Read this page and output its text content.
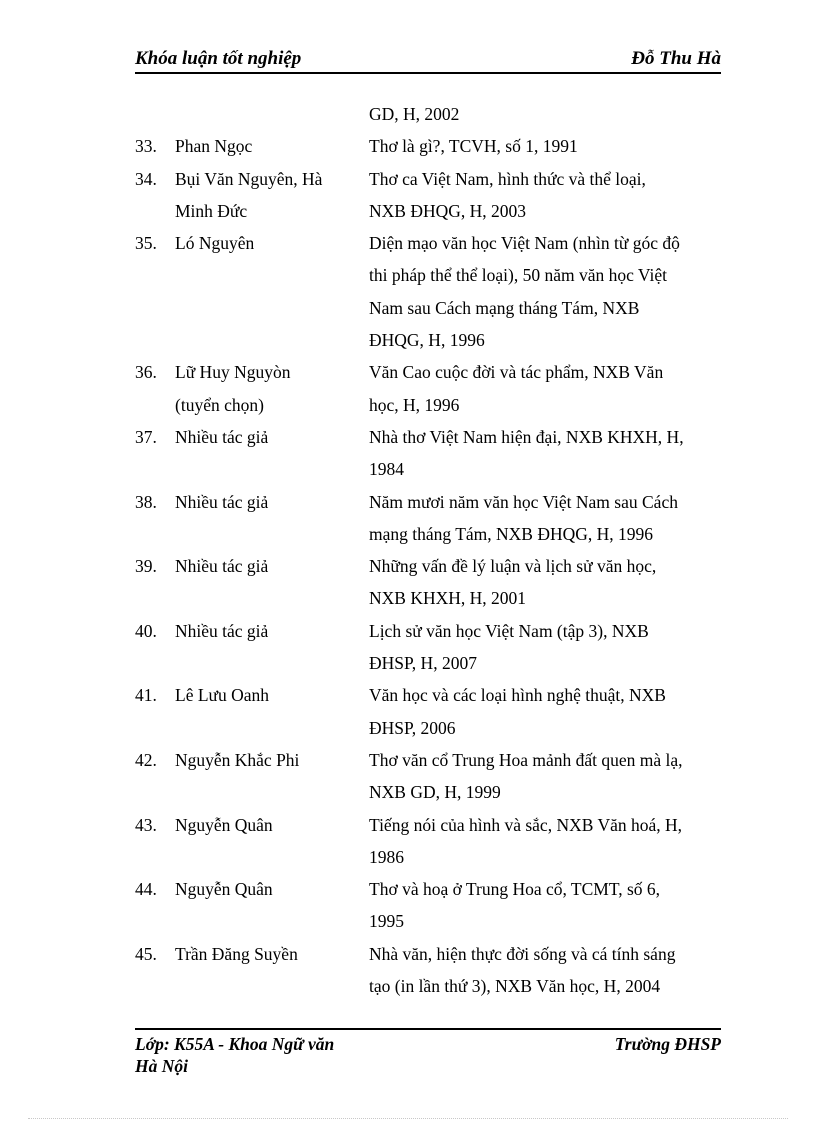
Khóa luận tốt nghiệp	Đỗ Thu Hà
GD, H, 2002
33.	Phan Ngọc	Thơ là gì?, TCVH, số 1, 1991
34.	Bụi Văn Nguyên, Hà	Thơ ca Việt Nam, hình thức và thể loại,
Minh Đức	NXB ĐHQG, H, 2003
35.	Ló Nguyên	Diện mạo văn học Việt Nam (nhìn từ góc độ
thi pháp thể thể loại), 50 năm văn học Việt
Nam sau Cách mạng tháng Tám, NXB
ĐHQG, H, 1996
36.	Lữ Huy Nguyòn	Văn Cao cuộc đời và tác phẩm, NXB Văn
(tuyển chọn)	học, H, 1996
37.	Nhiều tác giả	Nhà thơ Việt Nam hiện đại, NXB KHXH, H,
1984
38.	Nhiều tác giả	Năm mươi năm văn học Việt Nam sau Cách
mạng tháng Tám, NXB ĐHQG, H, 1996
39.	Nhiều tác giả	Những vấn đề lý luận và lịch sử văn học,
NXB KHXH, H, 2001
40.	Nhiều tác giả	Lịch sử văn học Việt Nam (tập 3), NXB
ĐHSP, H, 2007
41.	Lê Lưu Oanh	Văn học và các loại hình nghệ thuật, NXB
ĐHSP, 2006
42.	Nguyễn Khắc Phi	Thơ văn cổ Trung Hoa mảnh đất quen mà lạ,
NXB GD, H, 1999
43.	Nguyễn Quân	Tiếng nói của hình và sắc, NXB Văn hoá, H,
1986
44.	Nguyễn Quân	Thơ và hoạ ở Trung Hoa cổ, TCMT, số 6,
1995
45.	Trần Đăng Suyền	Nhà văn, hiện thực đời sống và cá tính sáng
tạo (in lần thứ 3), NXB Văn học, H, 2004
Lớp: K55A - Khoa Ngữ văn
Hà Nội
Trường ĐHSP
